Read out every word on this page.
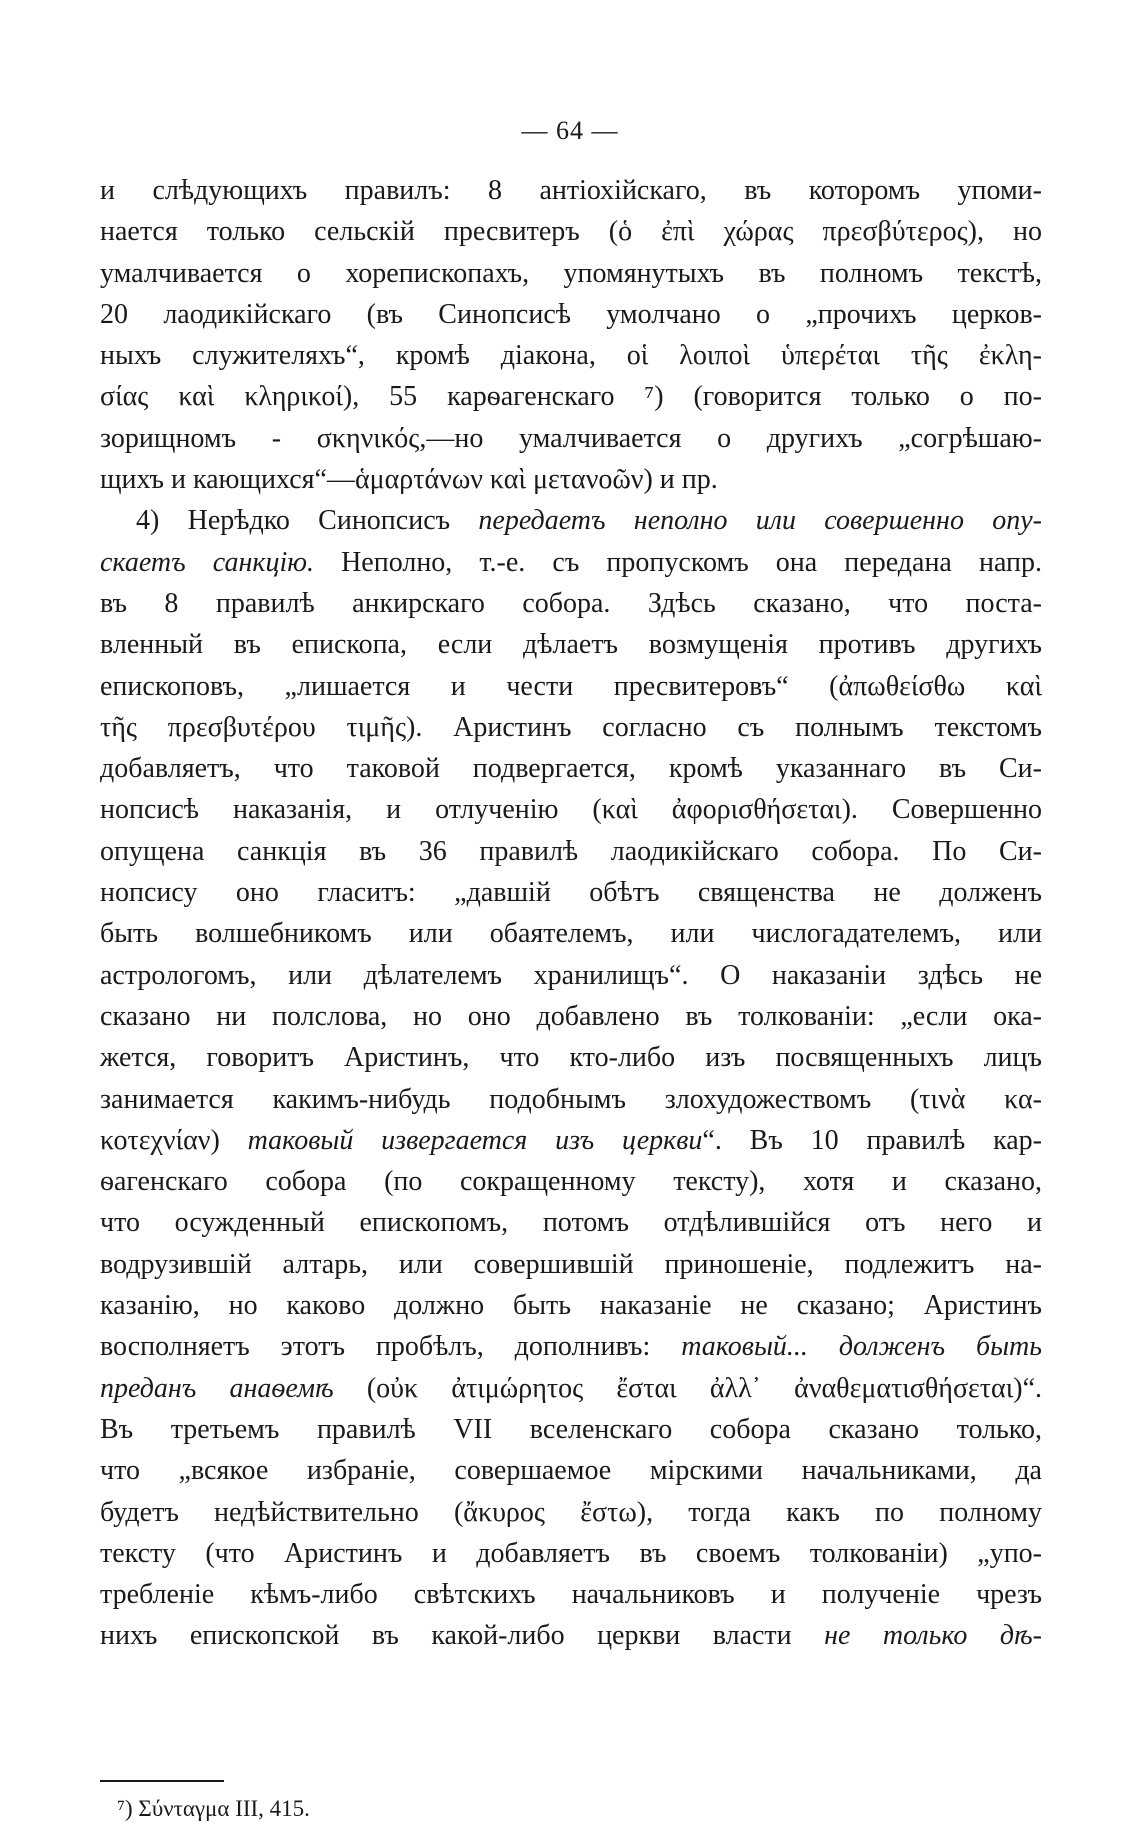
— 64 —
и слѣдующихъ правилъ: 8 антіохійскаго, въ которомъ упоми-
нается только сельскій пресвитеръ (ὁ ἐπὶ χώρας πρεσβύτερος), но
умалчивается о хорепископахъ, упомянутыхъ въ полномъ текстѣ,
20 лаодикійскаго (въ Синопсисѣ умолчано о „прочихъ церков-
ныхъ служителяхъ“, кромѣ діакона, οἱ λοιποὶ ὑπερέται τῆς ἐκλη-
σίας καὶ κληρικοί), 55 карѳагенскаго ⁷) (говорится только о по-
зорищномъ - σκηνικός,—но умалчивается о другихъ „согрѣшаю-
щихъ и кающихся“—ἁμαρτάνων καὶ μετανοῶν) и пр.
4) Нерѣдко Синопсисъ передаетъ неполно или совершенно опу-
скаетъ санкцію. Неполно, т.-е. съ пропускомъ она передана напр.
въ 8 правилѣ анкирскаго собора. Здѣсь сказано, что поста-
вленный въ епископа, если дѣлаетъ возмущенія противъ другихъ
епископовъ, „лишается и чести пресвитеровъ“ (ἀπωθείσθω καὶ
τῆς πρεσβυτέρου τιμῆς). Аристинъ согласно съ полнымъ текстомъ
добавляетъ, что таковой подвергается, кромѣ указаннаго въ Си-
нопсисѣ наказанія, и отлученію (καὶ ἀφορισθήσεται). Совершенно
опущена санкція въ 36 правилѣ лаодикійскаго собора. По Си-
нопсису оно гласитъ: „давшій обѣтъ священства не долженъ
быть волшебникомъ или обаятелемъ, или числогадателемъ, или
астрологомъ, или дѣлателемъ хранилищъ“. О наказаніи здѣсь не
сказано ни полслова, но оно добавлено въ толкованіи: „если ока-
жется, говоритъ Аристинъ, что кто-либо изъ посвященныхъ лицъ
занимается какимъ-нибудь подобнымъ злохудожествомъ (τινὰ κα-
κοτεχνίαν) таковый извергается изъ церкви“. Въ 10 правилѣ кар-
ѳагенскаго собора (по сокращенному тексту), хотя и сказано,
что осужденный епископомъ, потомъ отдѣлившійся отъ него и
водрузившій алтарь, или совершившій приношеніе, подлежитъ на-
казанію, но каково должно быть наказаніе не сказано; Аристинъ
восполняетъ этотъ пробѣлъ, дополнивъ: таковый... долженъ быть
преданъ анаѳемѣ (οὐκ ἀτιμώρητος ἔσται ἀλλ᾽ ἀναθεματισθήσεται)“.
Въ третьемъ правилѣ VII вселенскаго собора сказано только,
что „всякое избраніе, совершаемое мірскими начальниками, да
будетъ недѣйствительно (ἄκυρος ἔστω), тогда какъ по полному
тексту (что Аристинъ и добавляетъ въ своемъ толкованіи) „упо-
требленіе кѣмъ-либо свѣтскихъ начальниковъ и полученіе чрезъ
нихъ епископской въ какой-либо церкви власти не только дѣ-
⁷) Σύνταγμα III, 415.
